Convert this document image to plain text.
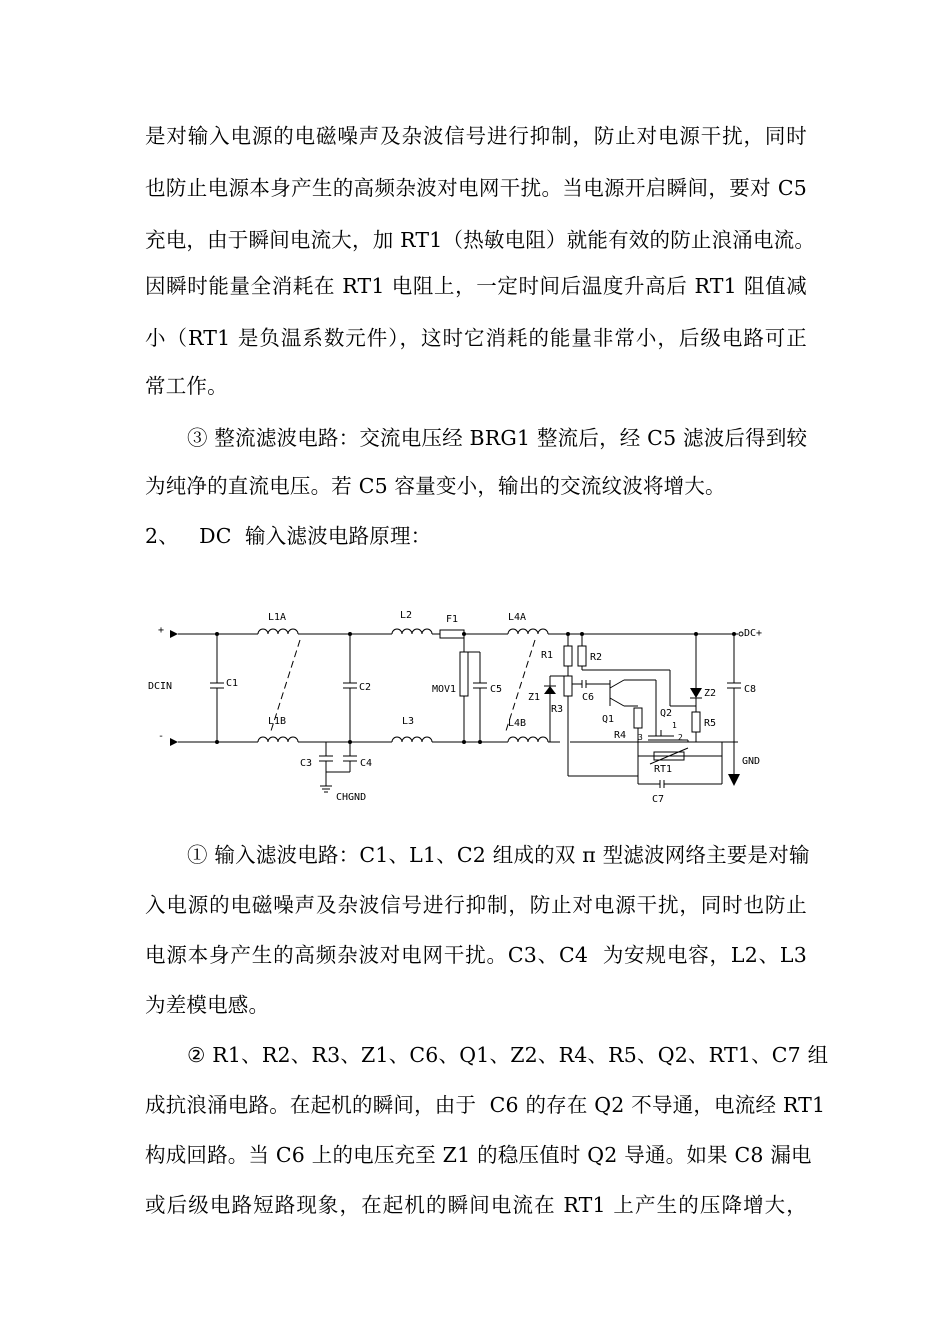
是对输入电源的电磁噪声及杂波信号进行抑制，防止对电源干扰，同时
也防止电源本身产生的高频杂波对电网干扰。当电源开启瞬间，要对 C5
充电，由于瞬间电流大，加 RT1（热敏电阻）就能有效的防止浪涌电流。
因瞬时能量全消耗在 RT1 电阻上，一定时间后温度升高后 RT1 阻值减
小（RT1 是负温系数元件），这时它消耗的能量非常小，后级电路可正
常工作。
③ 整流滤波电路：交流电压经 BRG1 整流后，经 C5 滤波后得到较
为纯净的直流电压。若 C5 容量变小，输出的交流纹波将增大。
2、   DC  输入滤波电路原理：
+
-
DCIN
DC+
L1A
L1B
L2
L3
F1	L4A
L4B
C1	C2
C3	C4
CHGND
MOV1	C5
R1	R2
R3
Z1	C6
Q1
R4
Q2
1
3	2
RT1
C7
Z2
R5
C8
GND
① 输入滤波电路：C1、L1、C2 组成的双 π 型滤波网络主要是对输
入电源的电磁噪声及杂波信号进行抑制，防止对电源干扰，同时也防止
电源本身产生的高频杂波对电网干扰。C3、C4  为安规电容，L2、L3
为差模电感。
② R1、R2、R3、Z1、C6、Q1、Z2、R4、R5、Q2、RT1、C7 组
成抗浪涌电路。在起机的瞬间，由于  C6 的存在 Q2 不导通，电流经 RT1
构成回路。当 C6 上的电压充至 Z1 的稳压值时 Q2 导通。如果 C8 漏电
或后级电路短路现象，在起机的瞬间电流在 RT1 上产生的压降增大，
